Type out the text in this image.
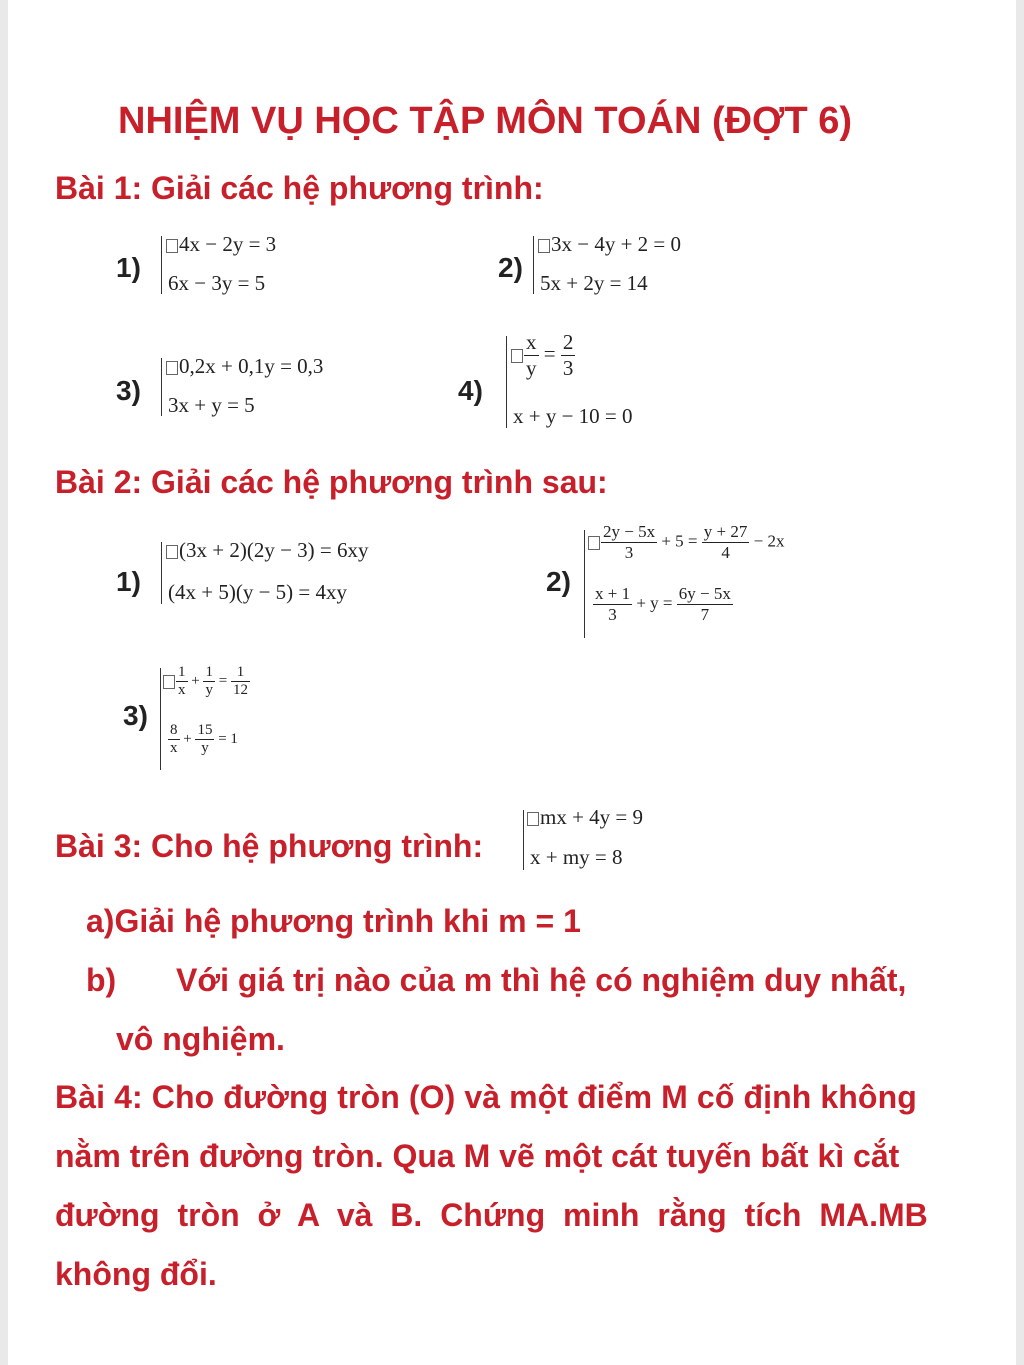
NHIỆM VỤ HỌC TẬP MÔN TOÁN (ĐỢT 6)
Bài 1: Giải các hệ phương trình:
1)
4x − 2y = 3
6x − 3y = 5	2)
3x − 4y + 2 = 0
5x + 2y = 14
3)
0,2x + 0,1y = 0,3
3x + y = 5	4)
$\frac{x}{y} = \frac{2}{3}$
x + y − 10 = 0
Bài 2: Giải các hệ phương trình sau:
1)
(3x + 2)(2y − 3) = 6xy
(4x + 5)(y − 5) = 4xy	2)
$\frac{2y - 5x}{3} + 5 = \frac{y + 27}{4} - 2x$
$\frac{x + 1}{3} + y = \frac{6y - 5x}{7}$
3)
$\frac{1}{x} + \frac{1}{y} = \frac{1}{12}$
$\frac{8}{x} + \frac{15}{y} = 1$
Bài 3: Cho hệ phương trình:
mx + 4y = 9
x + my = 8
a)Giải hệ phương trình khi m = 1
b) Với giá trị nào của m thì hệ có nghiệm duy nhất,
vô nghiệm.
Bài 4: Cho đường tròn (O) và một điểm M cố định không
nằm trên đường tròn. Qua M vẽ một cát tuyến bất kì cắt
đường tròn ở A và B. Chứng minh rằng tích MA.MB
không đổi.
